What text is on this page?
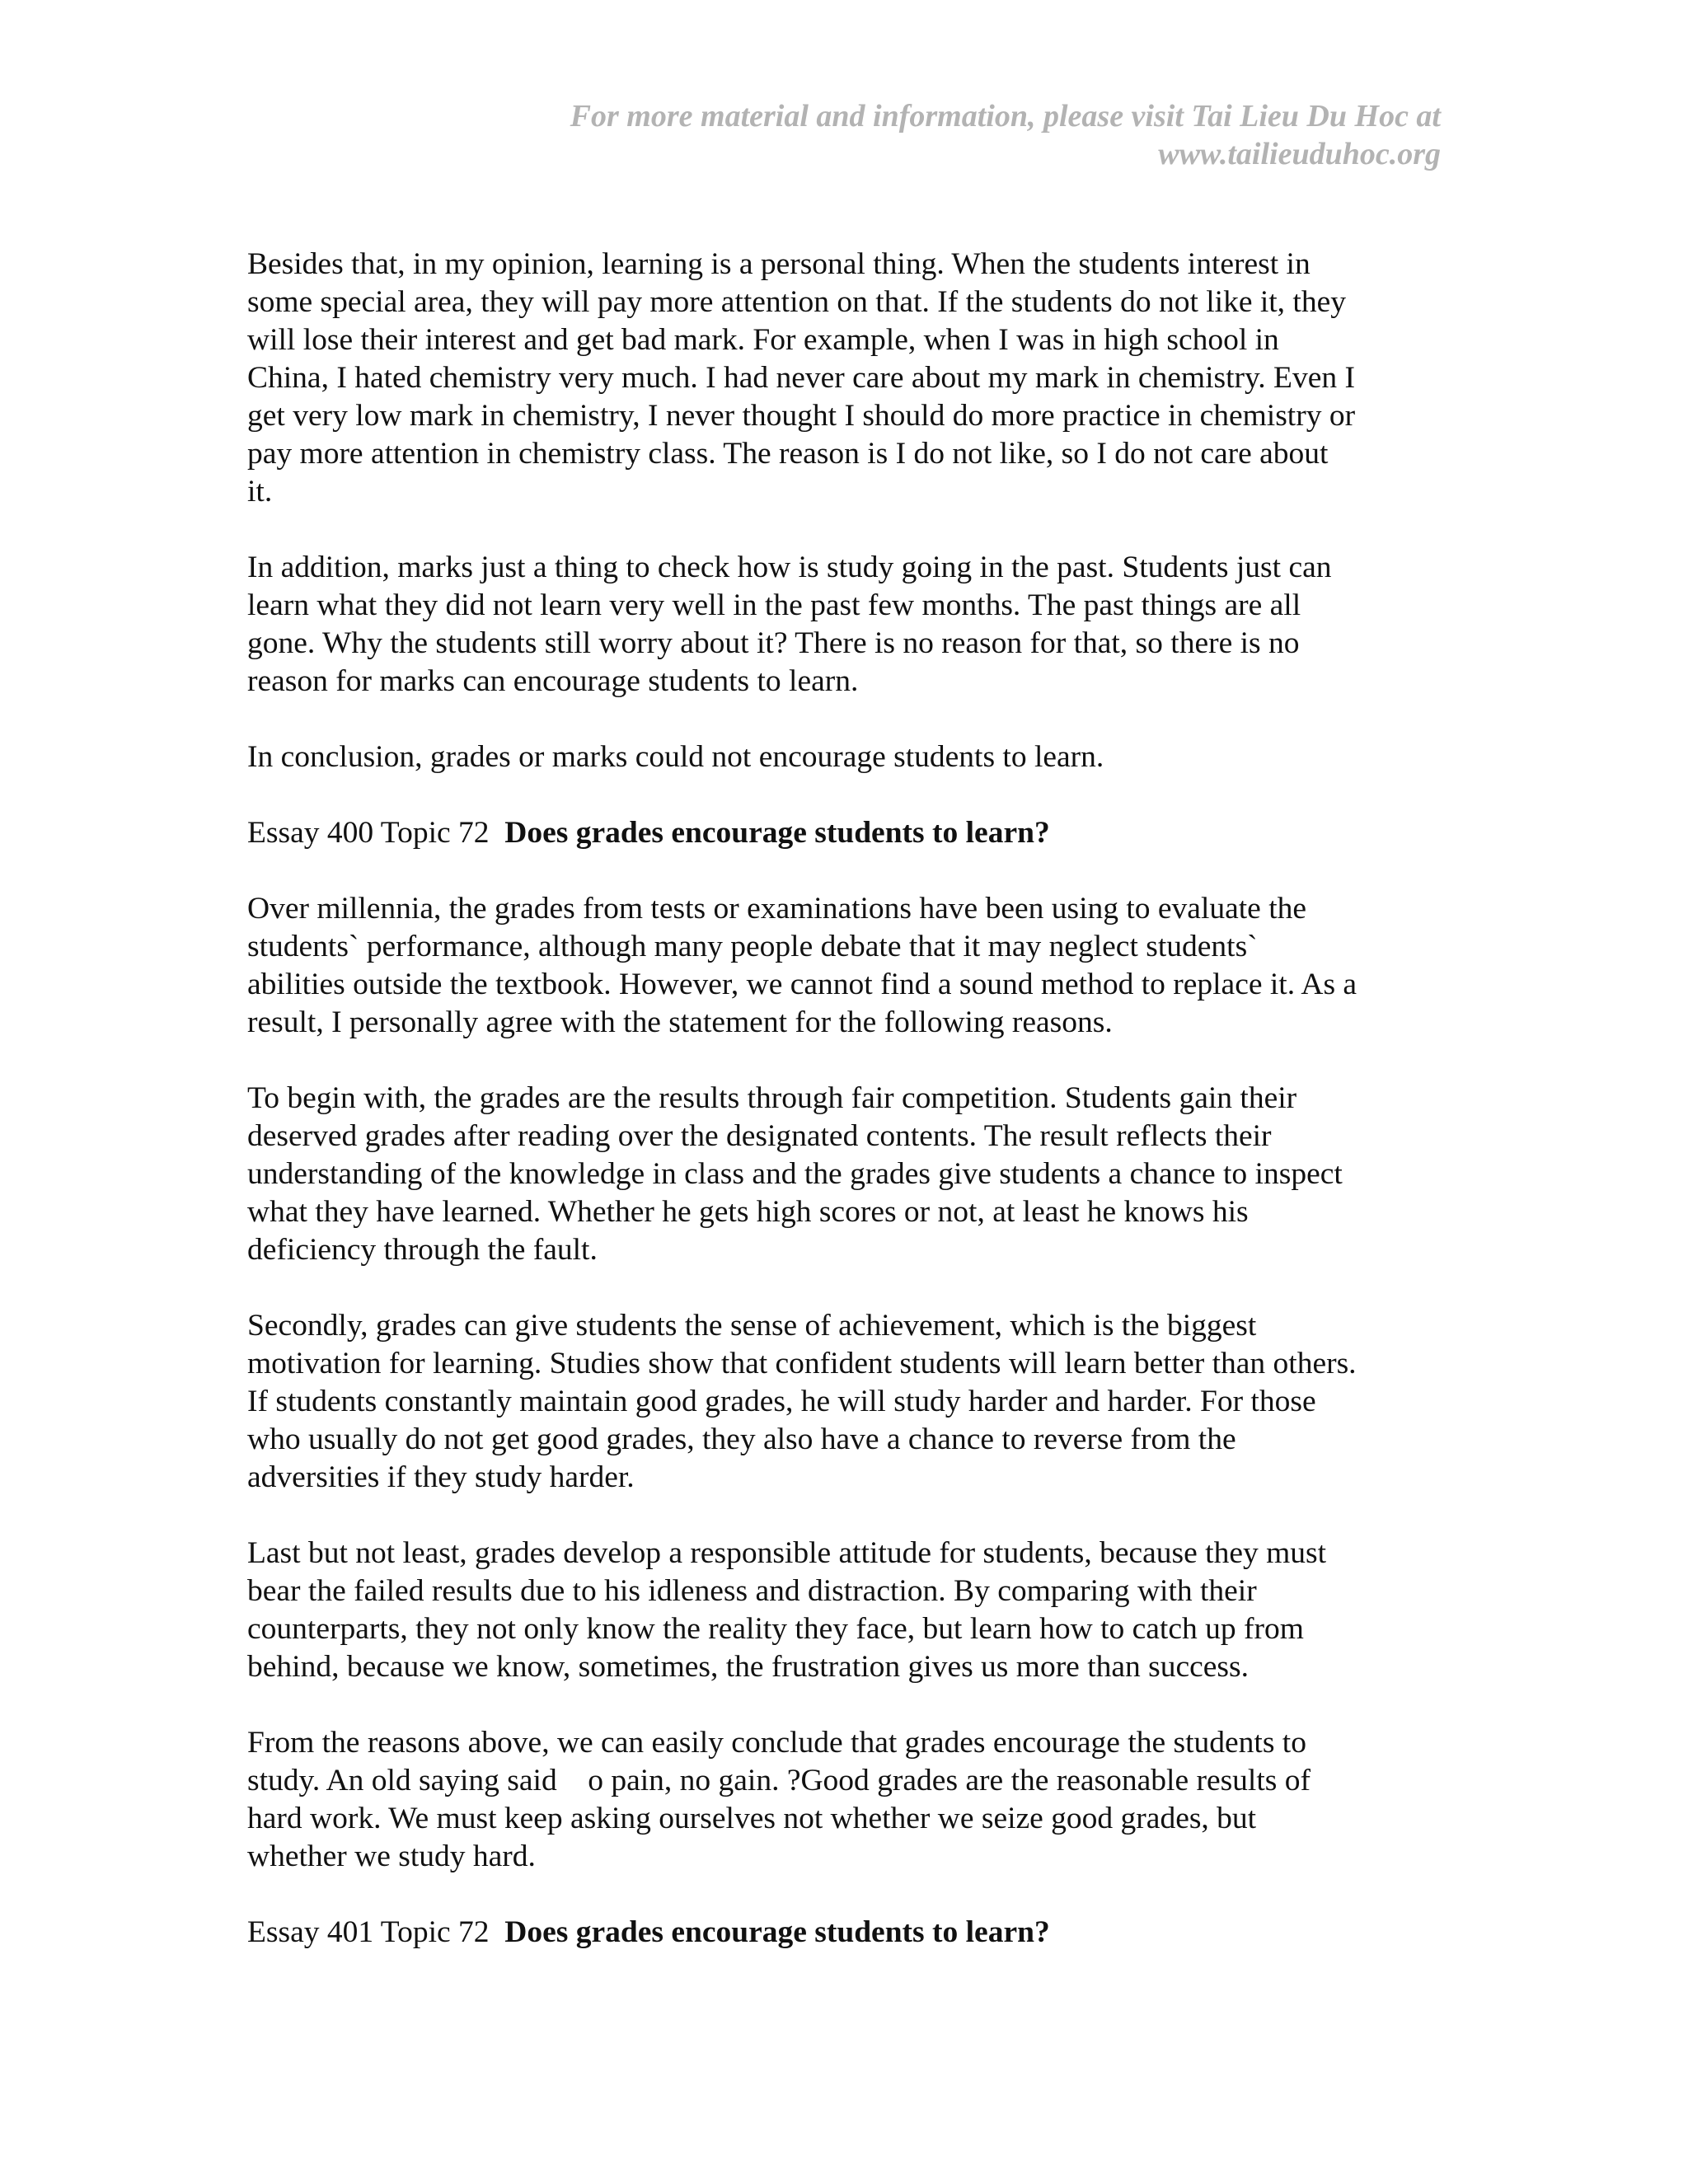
For more material and information, please visit Tai Lieu Du Hoc at
www.tailieuduhoc.org

Besides that, in my opinion, learning is a personal thing. When the students interest in
some special area, they will pay more attention on that. If the students do not like it, they
will lose their interest and get bad mark. For example, when I was in high school in
China, I hated chemistry very much. I had never care about my mark in chemistry. Even I
get very low mark in chemistry, I never thought I should do more practice in chemistry or
pay more attention in chemistry class. The reason is I do not like, so I do not care about
it.

In addition, marks just a thing to check how is study going in the past. Students just can
learn what they did not learn very well in the past few months. The past things are all
gone. Why the students still worry about it? There is no reason for that, so there is no
reason for marks can encourage students to learn.

In conclusion, grades or marks could not encourage students to learn.

Essay 400 Topic 72 Does grades encourage students to learn?

Over millennia, the grades from tests or examinations have been using to evaluate the
students` performance, although many people debate that it may neglect students`
abilities outside the textbook. However, we cannot find a sound method to replace it. As a
result, I personally agree with the statement for the following reasons.

To begin with, the grades are the results through fair competition. Students gain their
deserved grades after reading over the designated contents. The result reflects their
understanding of the knowledge in class and the grades give students a chance to inspect
what they have learned. Whether he gets high scores or not, at least he knows his
deficiency through the fault.

Secondly, grades can give students the sense of achievement, which is the biggest
motivation for learning. Studies show that confident students will learn better than others.
If students constantly maintain good grades, he will study harder and harder. For those
who usually do not get good grades, they also have a chance to reverse from the
adversities if they study harder.

Last but not least, grades develop a responsible attitude for students, because they must
bear the failed results due to his idleness and distraction. By comparing with their
counterparts, they not only know the reality they face, but learn how to catch up from
behind, because we know, sometimes, the frustration gives us more than success.

From the reasons above, we can easily conclude that grades encourage the students to
study. An old saying said    o pain, no gain. ?Good grades are the reasonable results of
hard work. We must keep asking ourselves not whether we seize good grades, but
whether we study hard.

Essay 401 Topic 72 Does grades encourage students to learn?
